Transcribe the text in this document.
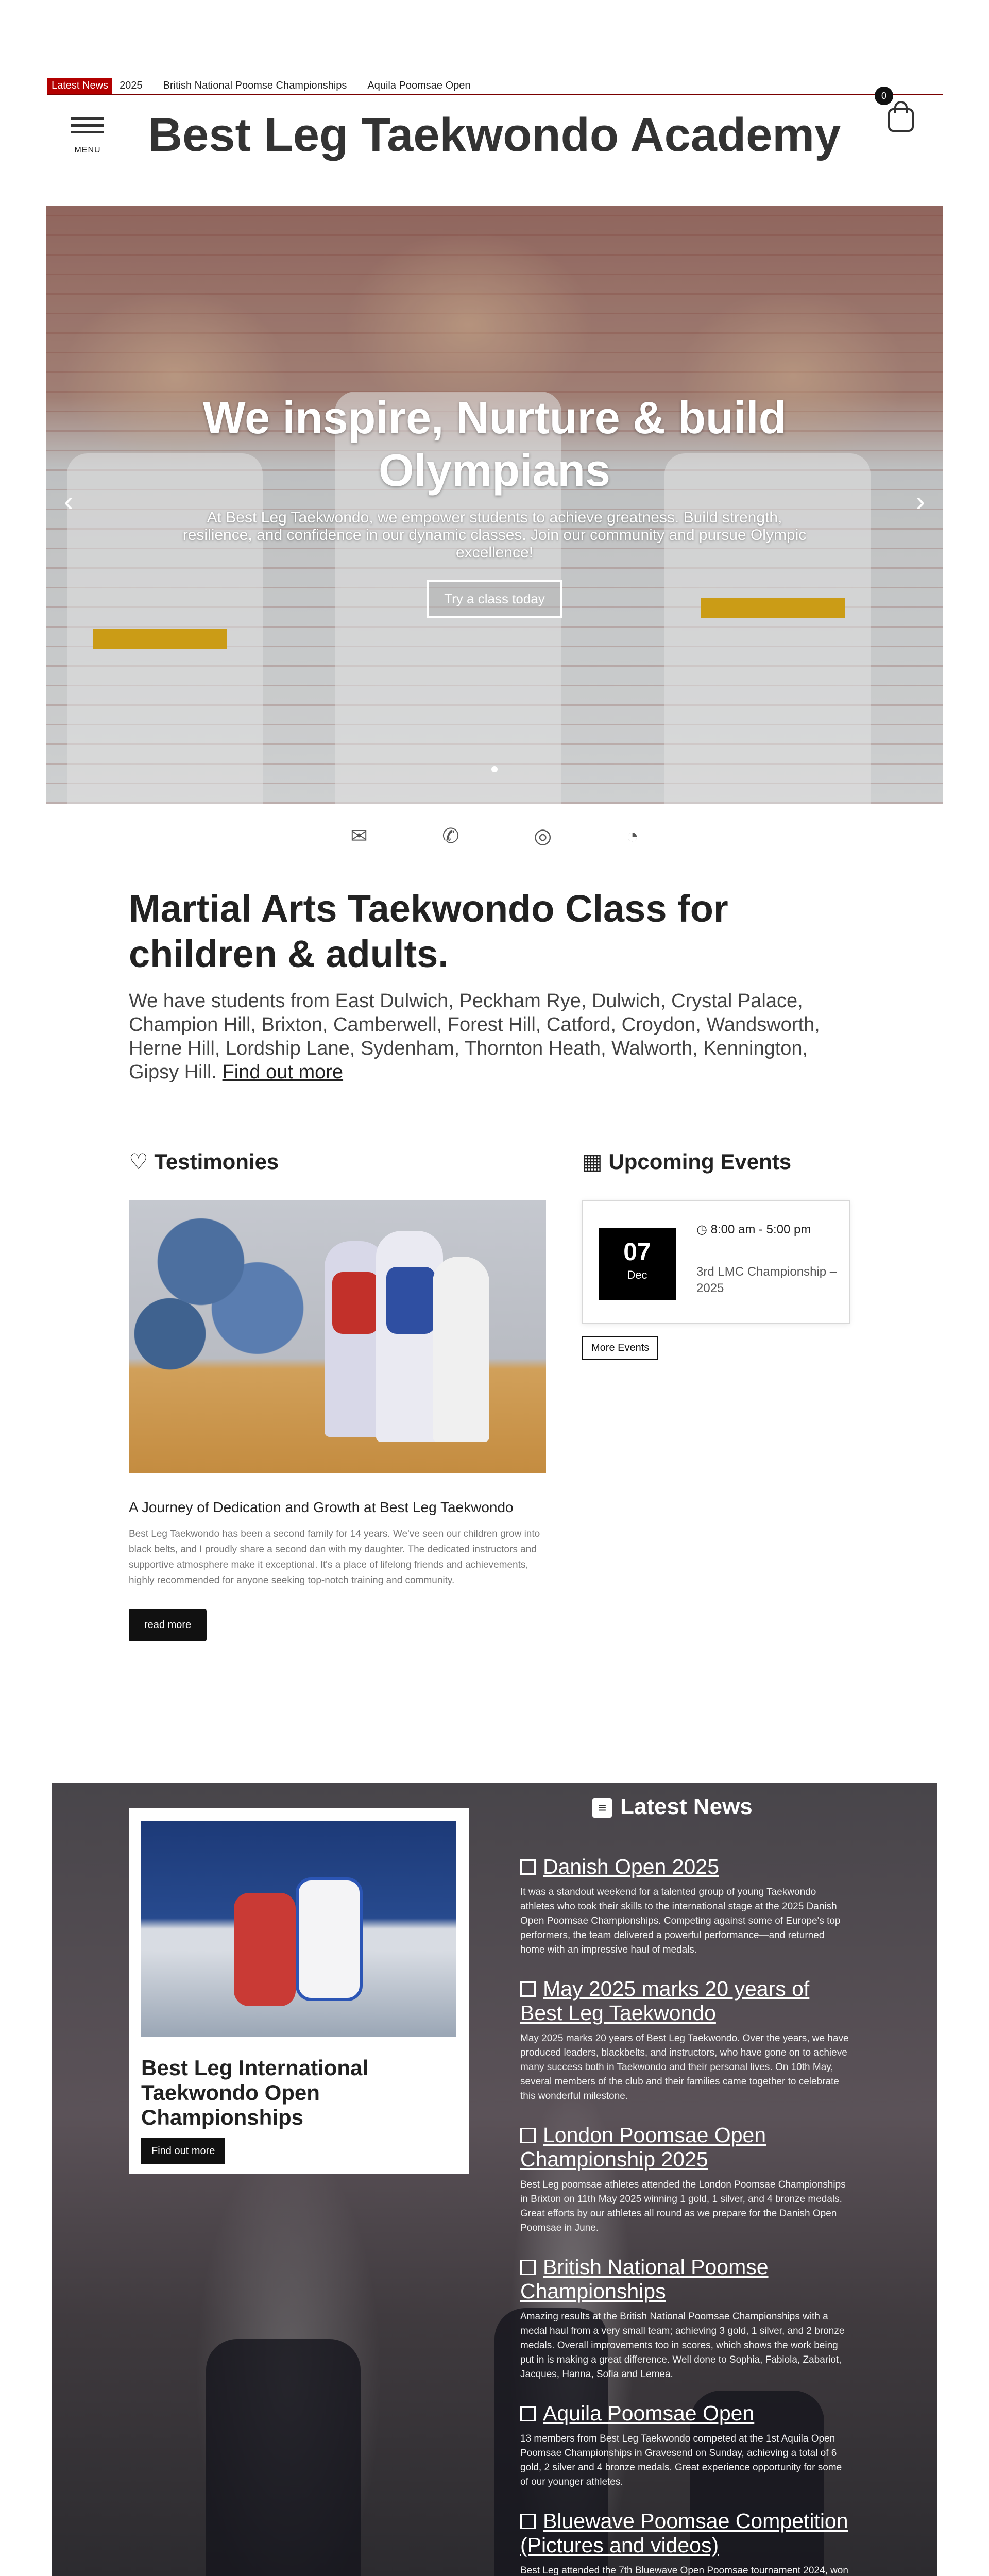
Latest News	2025 British National Poomse Championships Aquila Poomsae Open
MENU	Best Leg Taekwondo Academy
0
We inspire, Nurture & build Olympians
At Best Leg Taekwondo, we empower students to achieve greatness. Build strength, resilience, and confidence in our dynamic classes. Join our community and pursue Olympic excellence!
Try a class today
‹	›
✉	✆	◎	◔
Martial Arts Taekwondo Class for children & adults.
We have students from East Dulwich, Peckham Rye, Dulwich, Crystal Palace, Champion Hill, Brixton, Camberwell, Forest Hill, Catford, Croydon, Wandsworth, Herne Hill, Lordship Lane, Sydenham, Thornton Heath, Walworth, Kennington, Gipsy Hill. Find out more
♡ Testimonies
A Journey of Dedication and Growth at Best Leg Taekwondo
Best Leg Taekwondo has been a second family for 14 years. We've seen our children grow into black belts, and I proudly share a second dan with my daughter. The dedicated instructors and supportive atmosphere make it exceptional. It's a place of lifelong friends and achievements, highly recommended for anyone seeking top-notch training and community.
read more
▦ Upcoming Events
07
Dec
◷ 8:00 am - 5:00 pm
3rd LMC Championship – 2025
More Events
Best Leg International Taekwondo Open Championships
Find out more
≡ Latest News
Danish Open 2025
It was a standout weekend for a talented group of young Taekwondo athletes who took their skills to the international stage at the 2025 Danish Open Poomsae Championships. Competing against some of Europe's top performers, the team delivered a powerful performance—and returned home with an impressive haul of medals.
May 2025 marks 20 years of Best Leg Taekwondo
May 2025 marks 20 years of Best Leg Taekwondo. Over the years, we have produced leaders, blackbelts, and instructors, who have gone on to achieve many success both in Taekwondo and their personal lives. On 10th May, several members of the club and their families came together to celebrate this wonderful milestone.
London Poomsae Open Championship 2025
Best Leg poomsae athletes attended the London Poomsae Championships in Brixton on 11th May 2025 winning 1 gold, 1 silver, and 4 bronze medals. Great efforts by our athletes all round as we prepare for the Danish Open Poomsae in June.
British National Poomse Championships
Amazing results at the British National Poomsae Championships with a medal haul from a very small team; achieving 3 gold, 1 silver, and 2 bronze medals. Overall improvements too in scores, which shows the work being put in is making a great difference. Well done to Sophia, Fabiola, Zabariot, Jacques, Hanna, Sofia and Lemea.
Aquila Poomsae Open
13 members from Best Leg Taekwondo competed at the 1st Aquila Open Poomsae Championships in Gravesend on Sunday, achieving a total of 6 gold, 2 silver and 4 bronze medals. Great experience opportunity for some of our younger athletes.
Bluewave Poomsae Competition (Pictures and videos)
Best Leg attended the 7th Bluewave Open Poomsae tournament 2024, won
